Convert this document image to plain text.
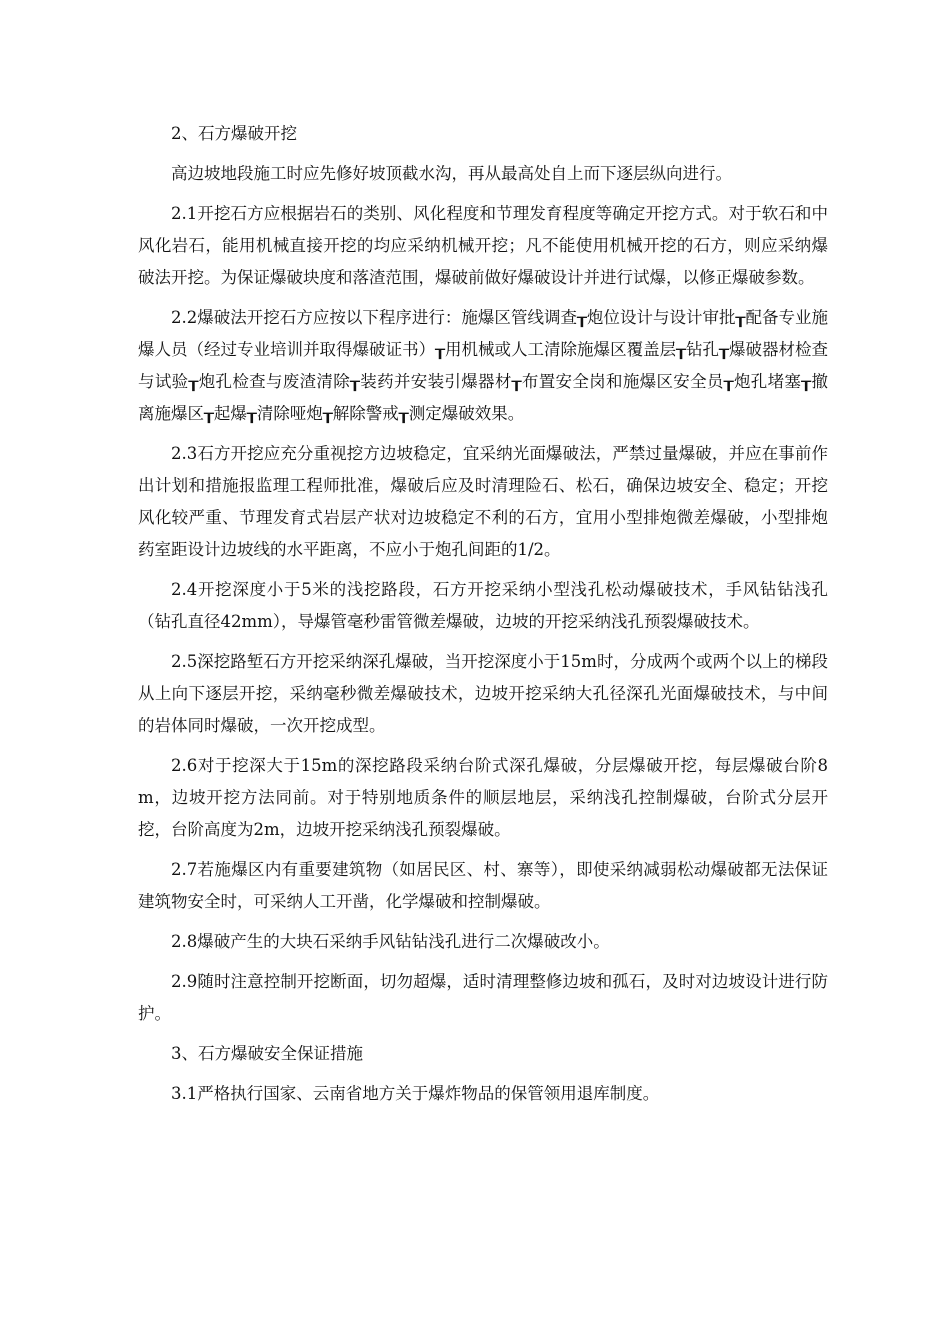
2、石方爆破开挖

高边坡地段施工时应先修好坡顶截水沟，再从最高处自上而下逐层纵向进行。

2.1开挖石方应根据岩石的类别、风化程度和节理发育程度等确定开挖方式。对于软石和中风化岩石，能用机械直接开挖的均应采纳机械开挖；凡不能使用机械开挖的石方，则应采纳爆破法开挖。为保证爆破块度和落渣范围，爆破前做好爆破设计并进行试爆，以修正爆破参数。

2.2爆破法开挖石方应按以下程序进行：施爆区管线调查┰炮位设计与设计审批┰配备专业施爆人员（经过专业培训并取得爆破证书）┰用机械或人工清除施爆区覆盖层┰钻孔┰爆破器材检查与试验┰炮孔检查与废渣清除┰装药并安装引爆器材┰布置安全岗和施爆区安全员┰炮孔堵塞┰撤离施爆区┰起爆┰清除哑炮┰解除警戒┰测定爆破效果。

2.3石方开挖应充分重视挖方边坡稳定，宜采纳光面爆破法，严禁过量爆破，并应在事前作出计划和措施报监理工程师批准，爆破后应及时清理险石、松石，确保边坡安全、稳定；开挖风化较严重、节理发育式岩层产状对边坡稳定不利的石方，宜用小型排炮微差爆破，小型排炮药室距设计边坡线的水平距离，不应小于炮孔间距的1/2。

2.4开挖深度小于5米的浅挖路段，石方开挖采纳小型浅孔松动爆破技术，手风钻钻浅孔（钻孔直径42mm），导爆管毫秒雷管微差爆破，边坡的开挖采纳浅孔预裂爆破技术。

2.5深挖路堑石方开挖采纳深孔爆破，当开挖深度小于15m时，分成两个或两个以上的梯段从上向下逐层开挖，采纳毫秒微差爆破技术，边坡开挖采纳大孔径深孔光面爆破技术，与中间的岩体同时爆破，一次开挖成型。

2.6对于挖深大于15m的深挖路段采纳台阶式深孔爆破，分层爆破开挖，每层爆破台阶8m，边坡开挖方法同前。对于特别地质条件的顺层地层，采纳浅孔控制爆破，台阶式分层开挖，台阶高度为2m，边坡开挖采纳浅孔预裂爆破。

2.7若施爆区内有重要建筑物（如居民区、村、寨等），即使采纳减弱松动爆破都无法保证建筑物安全时，可采纳人工开凿，化学爆破和控制爆破。

2.8爆破产生的大块石采纳手风钻钻浅孔进行二次爆破改小。

2.9随时注意控制开挖断面，切勿超爆，适时清理整修边坡和孤石，及时对边坡设计进行防护。

3、石方爆破安全保证措施

3.1严格执行国家、云南省地方关于爆炸物品的保管领用退库制度。
